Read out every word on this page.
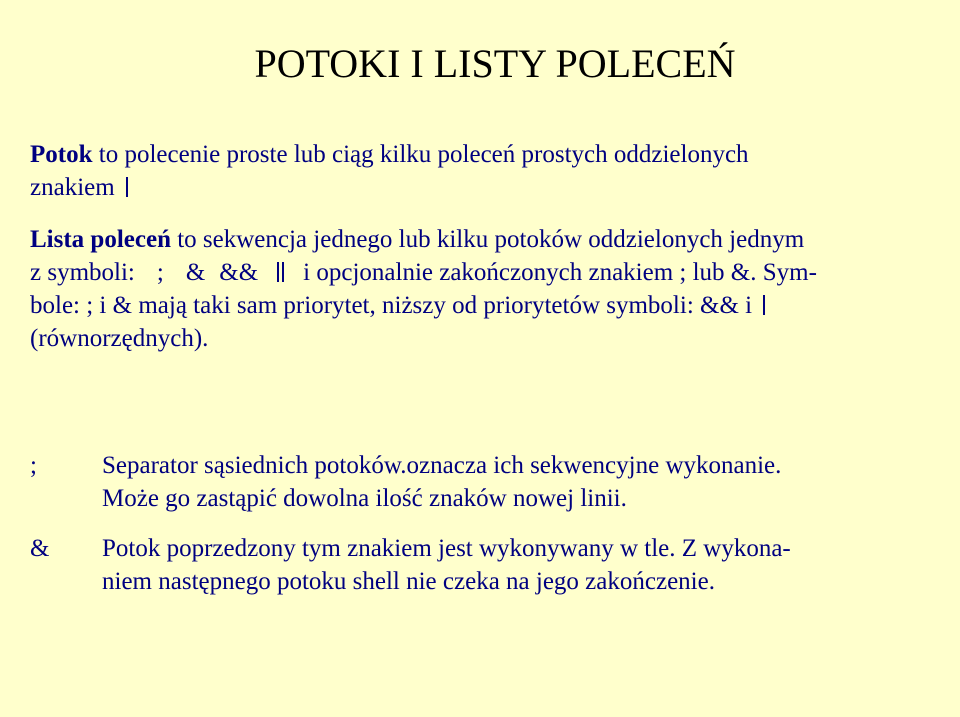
POTOKI I LISTY POLECEŃ
Potok to polecenie proste lub ciąg kilku poleceń prostych oddzielonych
znakiem
Lista poleceń to sekwencja jednego lub kilku potoków oddzielonych jednym
z symboli: ; & && i opcjonalnie zakończonych znakiem ; lub &. Sym-
bole: ; i & mają taki sam priorytet, niższy od priorytetów symboli: && i
(równorzędnych).
;	Separator sąsiednich potoków.oznacza ich sekwencyjne wykonanie.
Może go zastąpić dowolna ilość znaków nowej linii.
&	Potok poprzedzony tym znakiem jest wykonywany w tle. Z wykona-
niem następnego potoku shell nie czeka na jego zakończenie.
